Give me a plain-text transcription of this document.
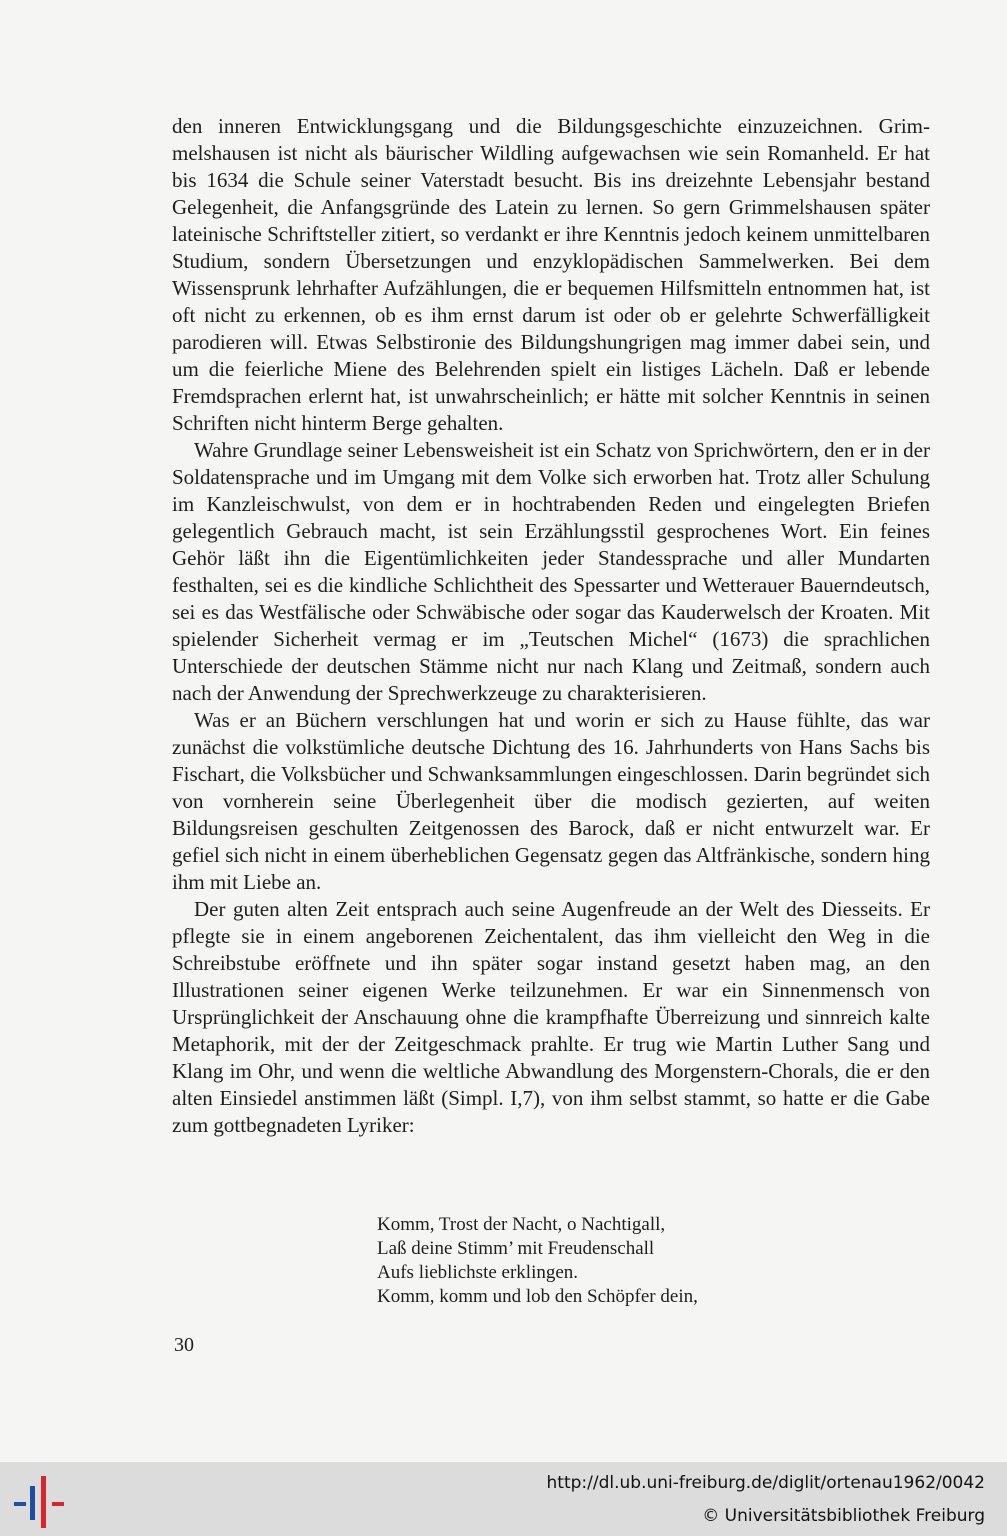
den inneren Entwicklungsgang und die Bildungsgeschichte einzuzeichnen. Grimmelshausen ist nicht als bäurischer Wildling aufgewachsen wie sein Romanheld. Er hat bis 1634 die Schule seiner Vaterstadt besucht. Bis ins dreizehnte Lebensjahr bestand Gelegenheit, die Anfangsgründe des Latein zu lernen. So gern Grimmelshausen später lateinische Schriftsteller zitiert, so verdankt er ihre Kenntnis jedoch keinem unmittelbaren Studium, sondern Übersetzungen und enzyklopädischen Sammelwerken. Bei dem Wissensprunk lehrhafter Aufzählungen, die er bequemen Hilfsmitteln entnommen hat, ist oft nicht zu erkennen, ob es ihm ernst darum ist oder ob er gelehrte Schwerfälligkeit parodieren will. Etwas Selbstironie des Bildungshungrigen mag immer dabei sein, und um die feierliche Miene des Belehrenden spielt ein listiges Lächeln. Daß er lebende Fremdsprachen erlernt hat, ist unwahrscheinlich; er hätte mit solcher Kenntnis in seinen Schriften nicht hinterm Berge gehalten.

Wahre Grundlage seiner Lebensweisheit ist ein Schatz von Sprichwörtern, den er in der Soldatensprache und im Umgang mit dem Volke sich erworben hat. Trotz aller Schulung im Kanzleischwulst, von dem er in hochtrabenden Reden und eingelegten Briefen gelegentlich Gebrauch macht, ist sein Erzählungsstil gesprochenes Wort. Ein feines Gehör läßt ihn die Eigentümlichkeiten jeder Standessprache und aller Mundarten festhalten, sei es die kindliche Schlichtheit des Spessarter und Wetterauer Bauerndeutsch, sei es das Westfälische oder Schwäbische oder sogar das Kauderwelsch der Kroaten. Mit spielender Sicherheit vermag er im „Teutschen Michel“ (1673) die sprachlichen Unterschiede der deutschen Stämme nicht nur nach Klang und Zeitmaß, sondern auch nach der Anwendung der Sprechwerkzeuge zu charakterisieren.

Was er an Büchern verschlungen hat und worin er sich zu Hause fühlte, das war zunächst die volkstümliche deutsche Dichtung des 16. Jahrhunderts von Hans Sachs bis Fischart, die Volksbücher und Schwanksammlungen eingeschlossen. Darin begründet sich von vornherein seine Überlegenheit über die modisch gezierten, auf weiten Bildungsreisen geschulten Zeitgenossen des Barock, daß er nicht entwurzelt war. Er gefiel sich nicht in einem überheblichen Gegensatz gegen das Altfränkische, sondern hing ihm mit Liebe an.

Der guten alten Zeit entsprach auch seine Augenfreude an der Welt des Diesseits. Er pflegte sie in einem angeborenen Zeichentalent, das ihm vielleicht den Weg in die Schreibstube eröffnete und ihn später sogar instand gesetzt haben mag, an den Illustrationen seiner eigenen Werke teilzunehmen. Er war ein Sinnenmensch von Ursprünglichkeit der Anschauung ohne die krampfhafte Überreizung und sinnreich kalte Metaphorik, mit der der Zeitgeschmack prahlte. Er trug wie Martin Luther Sang und Klang im Ohr, und wenn die weltliche Abwandlung des Morgenstern-Chorals, die er den alten Einsiedel anstimmen läßt (Simpl. I,7), von ihm selbst stammt, so hatte er die Gabe zum gottbegnadeten Lyriker:

Komm, Trost der Nacht, o Nachtigall,
Laß deine Stimm’ mit Freudenschall
Aufs lieblichste erklingen.
Komm, komm und lob den Schöpfer dein,
30
http://dl.ub.uni-freiburg.de/diglit/ortenau1962/0042
© Universitätsbibliothek Freiburg
